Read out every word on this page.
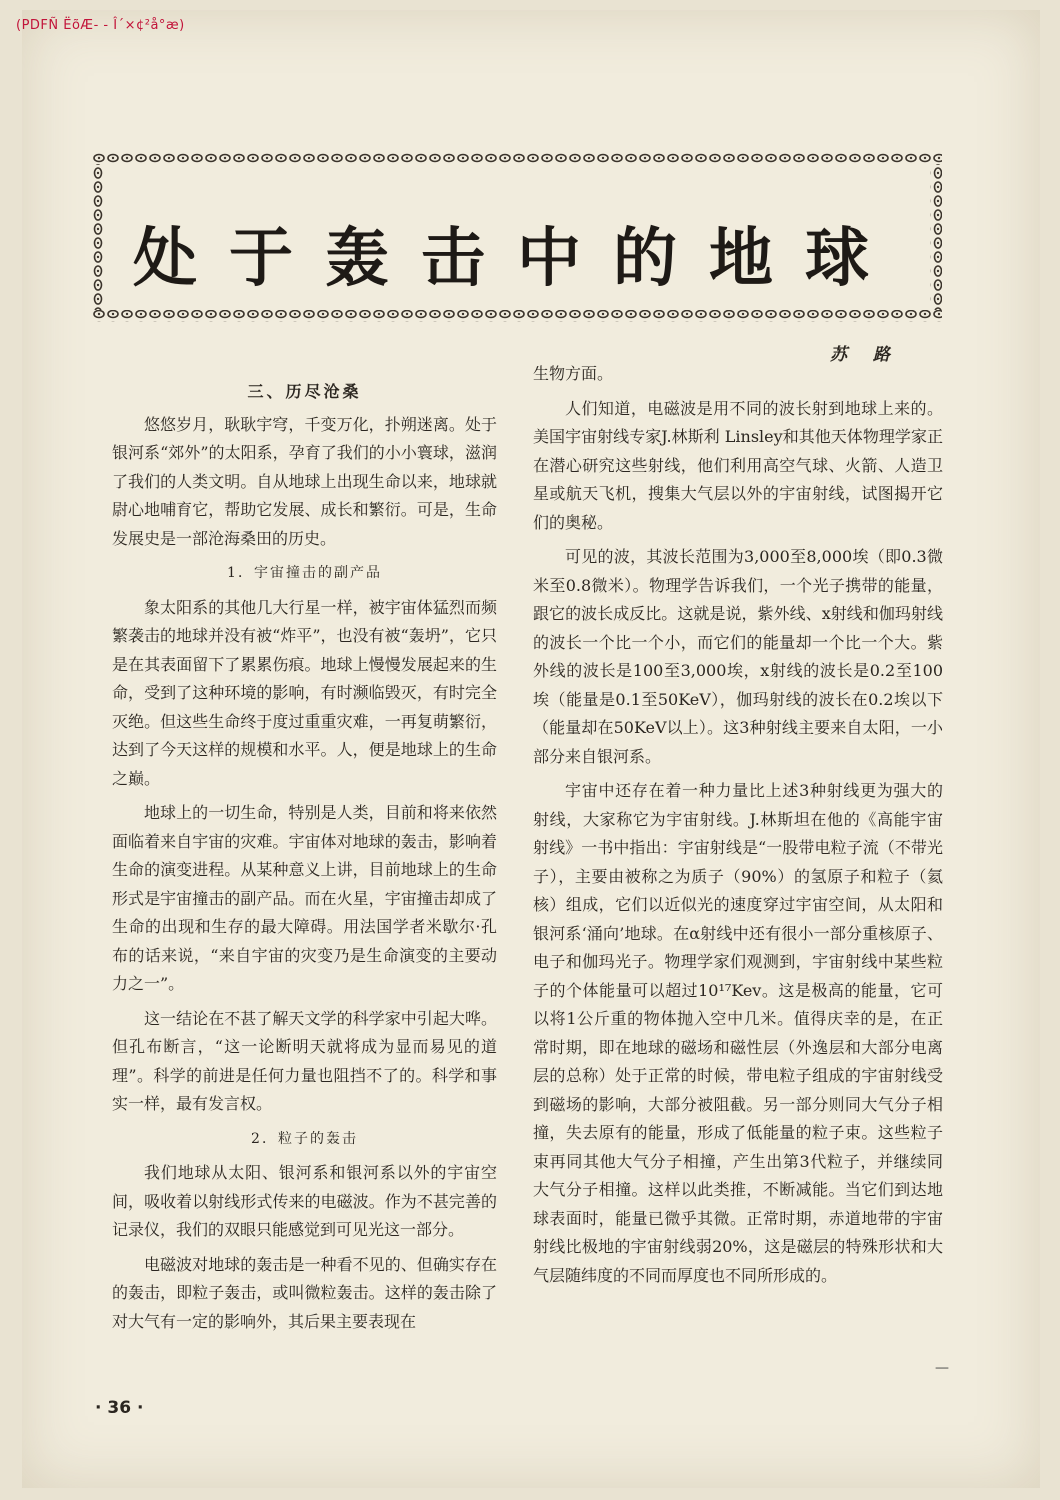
(PDFÑ ËõÆ- - Î´×¢²å°æ)
处于轰击中的地球
苏 路
三、历尽沧桑

悠悠岁月，耿耿宇穹，千变万化，扑朔迷离。处于银河系“郊外”的太阳系，孕育了我们的小小寰球，滋润了我们的人类文明。自从地球上出现生命以来，地球就尉心地哺育它，帮助它发展、成长和繁衍。可是，生命发展史是一部沧海桑田的历史。

1．宇宙撞击的副产品

象太阳系的其他几大行星一样，被宇宙体猛烈而频繁袭击的地球并没有被“炸平”，也没有被“轰坍”，它只是在其表面留下了累累伤痕。地球上慢慢发展起来的生命，受到了这种环境的影响，有时濒临毁灭，有时完全灭绝。但这些生命终于度过重重灾难，一再复萌繁衍，达到了今天这样的规模和水平。人，便是地球上的生命之巅。

地球上的一切生命，特别是人类，目前和将来依然面临着来自宇宙的灾难。宇宙体对地球的轰击，影响着生命的演变进程。从某种意义上讲，目前地球上的生命形式是宇宙撞击的副产品。而在火星，宇宙撞击却成了生命的出现和生存的最大障碍。用法国学者米歇尔·孔布的话来说，“来自宇宙的灾变乃是生命演变的主要动力之一”。

这一结论在不甚了解天文学的科学家中引起大哗。但孔布断言，“这一论断明天就将成为显而易见的道理”。科学的前进是任何力量也阻挡不了的。科学和事实一样，最有发言权。

2．粒子的轰击

我们地球从太阳、银河系和银河系以外的宇宙空间，吸收着以射线形式传来的电磁波。作为不甚完善的记录仪，我们的双眼只能感觉到可见光这一部分。

电磁波对地球的轰击是一种看不见的、但确实存在的轰击，即粒子轰击，或叫微粒轰击。这样的轰击除了对大气有一定的影响外，其后果主要表现在

生物方面。

人们知道，电磁波是用不同的波长射到地球上来的。美国宇宙射线专家J.林斯利 Linsley和其他天体物理学家正在潜心研究这些射线，他们利用高空气球、火箭、人造卫星或航天飞机，搜集大气层以外的宇宙射线，试图揭开它们的奥秘。

可见的波，其波长范围为3,000至8,000埃（即0.3微米至0.8微米）。物理学告诉我们，一个光子携带的能量，跟它的波长成反比。这就是说，紫外线、x射线和伽玛射线的波长一个比一个小，而它们的能量却一个比一个大。紫外线的波长是100至3,000埃，x射线的波长是0.2至100埃（能量是0.1至50KeV），伽玛射线的波长在0.2埃以下（能量却在50KeV以上）。这3种射线主要来自太阳，一小部分来自银河系。

宇宙中还存在着一种力量比上述3种射线更为强大的射线，大家称它为宇宙射线。J.林斯坦在他的《高能宇宙射线》一书中指出：宇宙射线是“一股带电粒子流（不带光子），主要由被称之为质子（90%）的氢原子和粒子（氦核）组成，它们以近似光的速度穿过宇宙空间，从太阳和银河系‘涌向’地球。在α射线中还有很小一部分重核原子、电子和伽玛光子。物理学家们观测到，宇宙射线中某些粒子的个体能量可以超过10¹⁷Kev。这是极高的能量，它可以将1公斤重的物体抛入空中几米。值得庆幸的是，在正常时期，即在地球的磁场和磁性层（外逸层和大部分电离层的总称）处于正常的时候，带电粒子组成的宇宙射线受到磁场的影响，大部分被阻截。另一部分则同大气分子相撞，失去原有的能量，形成了低能量的粒子束。这些粒子束再同其他大气分子相撞，产生出第3代粒子，并继续同大气分子相撞。这样以此类推，不断减能。当它们到达地球表面时，能量已微乎其微。正常时期，赤道地带的宇宙射线比极地的宇宙射线弱20%，这是磁层的特殊形状和大气层随纬度的不同而厚度也不同所形成的。

· 36 ·
—
